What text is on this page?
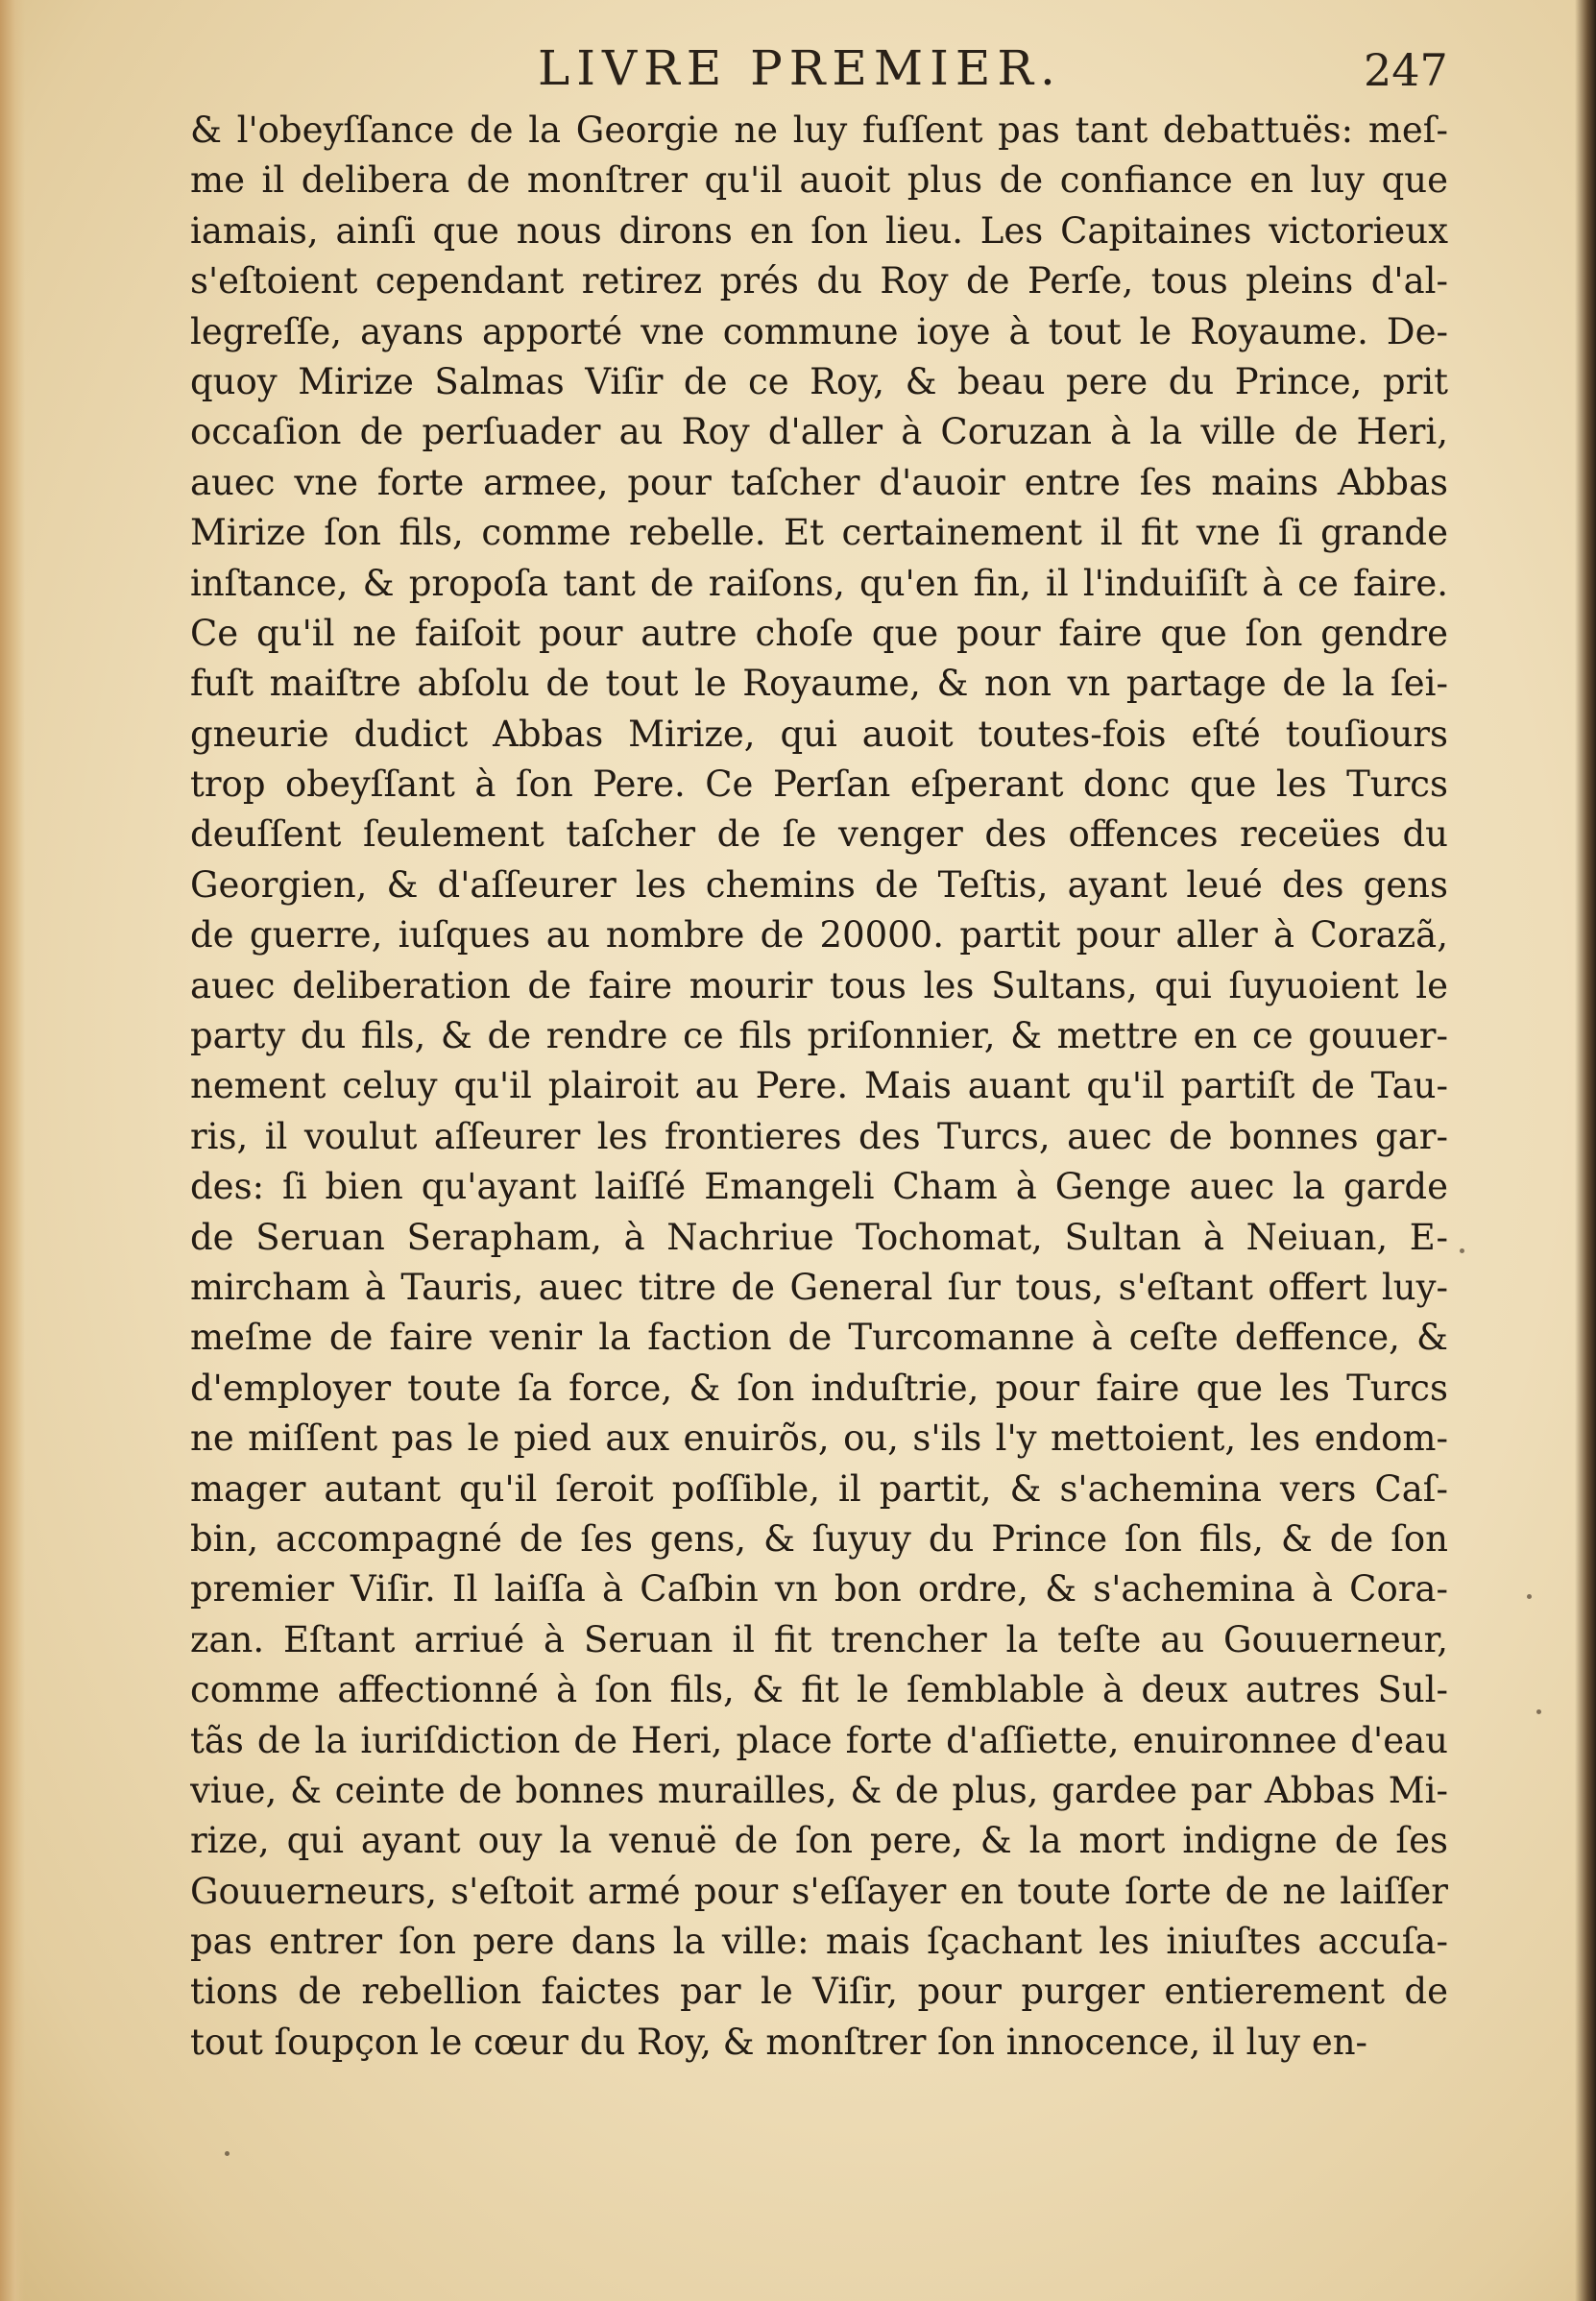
LIVRE PREMIER.	247
& l'obeyſſance de la Georgie ne luy fuſſent pas tant debattuës: meſ-
me il delibera de monſtrer qu'il auoit plus de confiance en luy que
iamais, ainſi que nous dirons en ſon lieu. Les Capitaines victorieux
s'eſtoient cependant retirez prés du Roy de Perſe, tous pleins d'al-
legreſſe, ayans apporté vne commune ioye à tout le Royaume. De-
quoy Mirize Salmas Viſir de ce Roy, & beau pere du Prince, prit
occaſion de perſuader au Roy d'aller à Coruzan à la ville de Heri,
auec vne forte armee, pour taſcher d'auoir entre ſes mains Abbas
Mirize ſon fils, comme rebelle. Et certainement il fit vne ſi grande
inſtance, & propoſa tant de raiſons, qu'en fin, il l'induiſiſt à ce faire.
Ce qu'il ne faiſoit pour autre choſe que pour faire que ſon gendre
fuſt maiſtre abſolu de tout le Royaume, & non vn partage de la ſei-
gneurie dudict Abbas Mirize, qui auoit toutes-fois eſté touſiours
trop obeyſſant à ſon Pere. Ce Perſan eſperant donc que les Turcs
deuſſent ſeulement taſcher de ſe venger des offences receües du
Georgien, & d'aſſeurer les chemins de Teſtis, ayant leué des gens
de guerre, iuſques au nombre de 20000. partit pour aller à Corazã,
auec deliberation de faire mourir tous les Sultans, qui ſuyuoient le
party du fils, & de rendre ce fils priſonnier, & mettre en ce gouuer-
nement celuy qu'il plairoit au Pere. Mais auant qu'il partiſt de Tau-
ris, il voulut aſſeurer les frontieres des Turcs, auec de bonnes gar-
des: ſi bien qu'ayant laiſſé Emangeli Cham à Genge auec la garde
de Seruan Serapham, à Nachriue Tochomat, Sultan à Neiuan, E-
mircham à Tauris, auec titre de General ſur tous, s'eſtant offert luy-
meſme de faire venir la faction de Turcomanne à ceſte deffence, &
d'employer toute ſa force, & ſon induſtrie, pour faire que les Turcs
ne miſſent pas le pied aux enuirõs, ou, s'ils l'y mettoient, les endom-
mager autant qu'il ſeroit poſſible, il partit, & s'achemina vers Caſ-
bin, accompagné de ſes gens, & ſuyuy du Prince ſon fils, & de ſon
premier Viſir. Il laiſſa à Caſbin vn bon ordre, & s'achemina à Cora-
zan. Eſtant arriué à Seruan il fit trencher la teſte au Gouuerneur,
comme affectionné à ſon fils, & fit le ſemblable à deux autres Sul-
tãs de la iuriſdiction de Heri, place forte d'aſſiette, enuironnee d'eau
viue, & ceinte de bonnes murailles, & de plus, gardee par Abbas Mi-
rize, qui ayant ouy la venuë de ſon pere, & la mort indigne de ſes
Gouuerneurs, s'eſtoit armé pour s'eſſayer en toute ſorte de ne laiſſer
pas entrer ſon pere dans la ville: mais ſçachant les iniuſtes accuſa-
tions de rebellion faictes par le Viſir, pour purger entierement de
tout ſoupçon le cœur du Roy, & monſtrer ſon innocence, il luy en-
